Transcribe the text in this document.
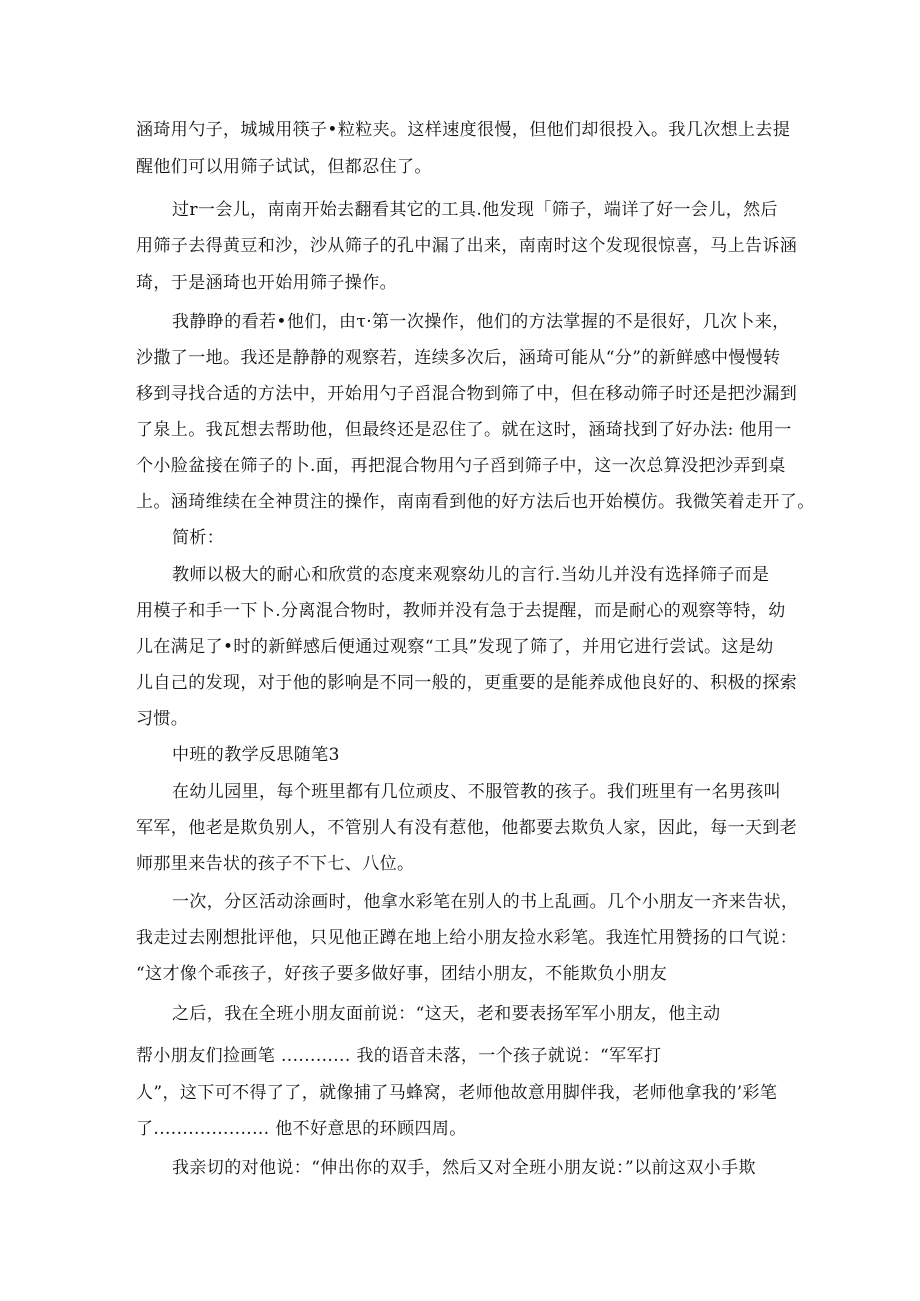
涵琦用勺子，城城用筷子•粒粒夹。这样速度很慢，但他们却很投入。我几次想上去提
醒他们可以用筛子试试，但都忍住了。
过r一会儿，南南开始去翻看其它的工具.他发现「筛子，端详了好一会儿，然后
用筛子去得黄豆和沙，沙从筛子的孔中漏了出来，南南时这个发现很惊喜，马上告诉涵
琦，于是涵琦也开始用筛子操作。
我静睁的看若•他们，由τ·第一次操作，他们的方法掌握的不是很好，几次卜来，
沙撒了一地。我还是静静的观察若，连续多次后，涵琦可能从“分”的新鲜感中慢慢转
移到寻找合适的方法中，开始用勺子舀混合物到筛了中，但在移动筛子时还是把沙漏到
了泉上。我瓦想去帮助他，但最终还是忍住了。就在这时，涵琦找到了好办法: 他用一
个小脸盆接在筛子的卜.面，再把混合物用勺子舀到筛子中，这一次总算没把沙弄到桌
上。涵琦维续在全神贯注的操作，南南看到他的好方法后也开始模仿。我微笑着走开了。
简析：
教师以极大的耐心和欣赏的态度来观察幼儿的言行.当幼儿并没有选择筛子而是
用模子和手一下卜.分离混合物时，教师并没有急于去提醒，而是耐心的观察等特，幼
儿在满足了•时的新鲜感后便通过观察“工具”发现了筛了，并用它进行尝试。这是幼
儿自己的发现，对于他的影响是不同一般的，更重要的是能养成他良好的、积极的探索
习惯。
中班的教学反思随笔3
在幼儿园里，每个班里都有几位顽皮、不服管教的孩子。我们班里有一名男孩叫
军军，他老是欺负别人，不管别人有没有惹他，他都要去欺负人家，因此，每一天到老
师那里来告状的孩子不下七、八位。
一次，分区活动涂画时，他拿水彩笔在别人的书上乱画。几个小朋友一齐来告状，
我走过去刚想批评他，只见他正蹲在地上给小朋友捡水彩笔。我连忙用赞扬的口气说：
“这才像个乖孩子，好孩子要多做好事，团结小朋友，不能欺负小朋友
之后，我在全班小朋友面前说：“这天，老和要表扬军军小朋友，他主动
帮小朋友们捡画笔 ............ 我的语音未落，一个孩子就说：“军军打
人”，这下可不得了了，就像捕了马蜂窝，老师他故意用脚伴我，老师他拿我的’彩笔
了.................... 他不好意思的环顾四周。
我亲切的对他说：“伸出你的双手，然后又对全班小朋友说：”以前这双小手欺
